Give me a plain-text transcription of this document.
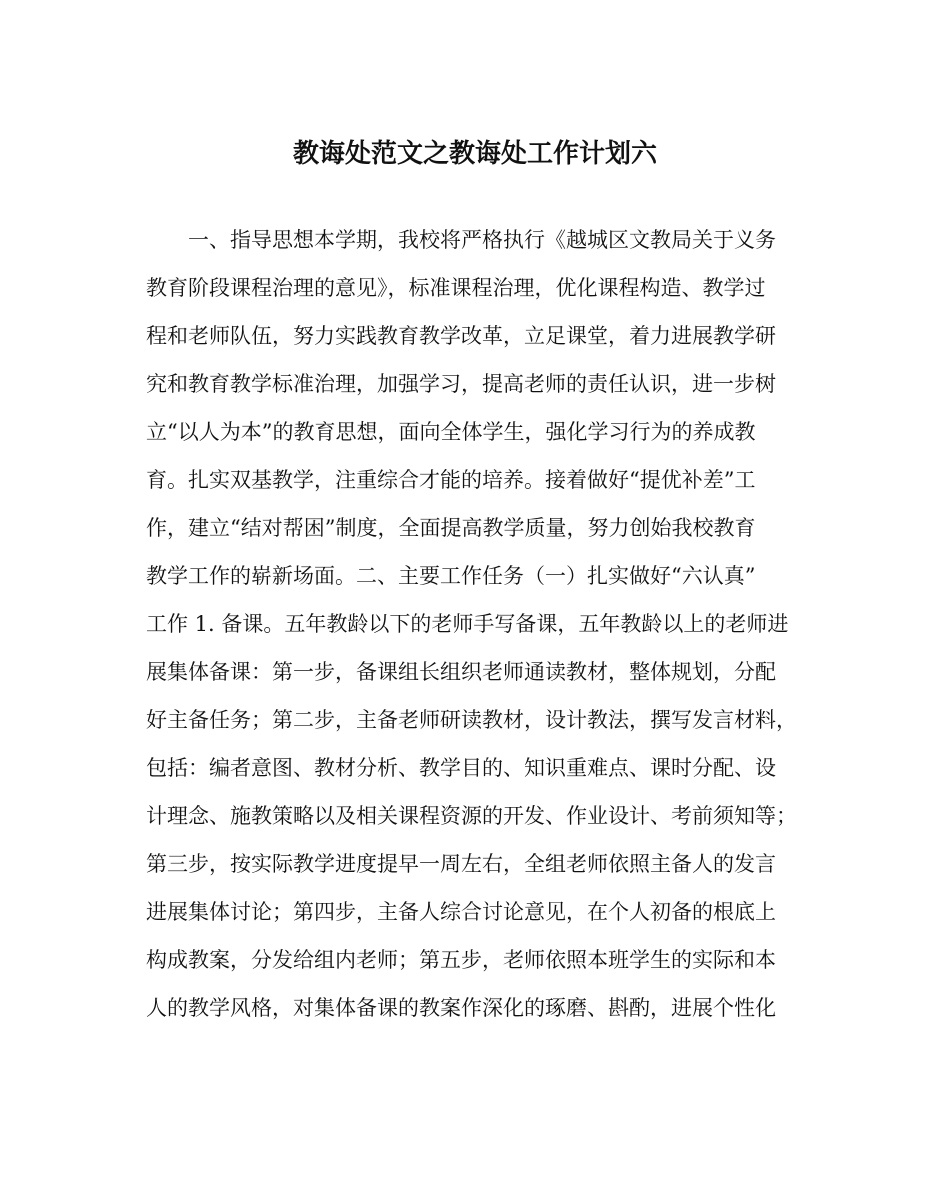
教诲处范文之教诲处工作计划六
一、指导思想本学期，我校将严格执行《越城区文教局关于义务
教育阶段课程治理的意见》，标准课程治理，优化课程构造、教学过
程和老师队伍，努力实践教育教学改革，立足课堂，着力进展教学研
究和教育教学标准治理，加强学习，提高老师的责任认识，进一步树
立“以人为本”的教育思想，面向全体学生，强化学习行为的养成教
育。扎实双基教学，注重综合才能的培养。接着做好“提优补差”工
作，建立“结对帮困”制度，全面提高教学质量，努力创始我校教育
教学工作的崭新场面。二、主要工作任务（一）扎实做好“六认真”
工作 1. 备课。五年教龄以下的老师手写备课，五年教龄以上的老师进
展集体备课：第一步，备课组长组织老师通读教材，整体规划，分配
好主备任务；第二步，主备老师研读教材，设计教法，撰写发言材料，
包括：编者意图、教材分析、教学目的、知识重难点、课时分配、设
计理念、施教策略以及相关课程资源的开发、作业设计、考前须知等；
第三步，按实际教学进度提早一周左右，全组老师依照主备人的发言
进展集体讨论；第四步，主备人综合讨论意见，在个人初备的根底上
构成教案，分发给组内老师；第五步，老师依照本班学生的实际和本
人的教学风格，对集体备课的教案作深化的琢磨、斟酌，进展个性化
